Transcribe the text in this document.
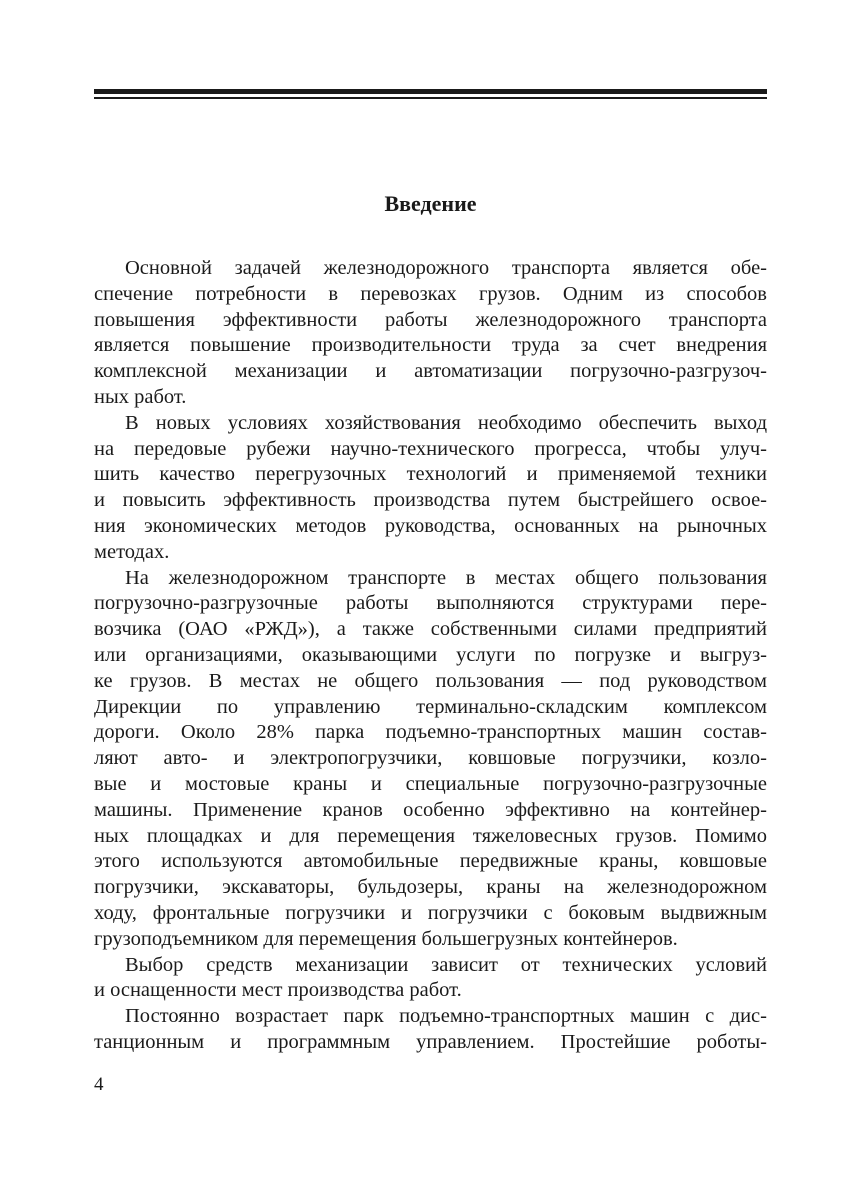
Введение
Основной задачей железнодорожного транспорта является обе-
спечение потребности в перевозках грузов. Одним из способов
повышения эффективности работы железнодорожного транспорта
является повышение производительности труда за счет внедрения
комплексной механизации и автоматизации погрузочно-разгрузоч-
ных работ.
В новых условиях хозяйствования необходимо обеспечить выход
на передовые рубежи научно-технического прогресса, чтобы улуч-
шить качество перегрузочных технологий и применяемой техники
и повысить эффективность производства путем быстрейшего освое-
ния экономических методов руководства, основанных на рыночных
методах.
На железнодорожном транспорте в местах общего пользования
погрузочно-разгрузочные работы выполняются структурами пере-
возчика (ОАО «РЖД»), а также собственными силами предприятий
или организациями, оказывающими услуги по погрузке и выгруз-
ке грузов. В местах не общего пользования — под руководством
Дирекции по управлению терминально-складским комплексом
дороги. Около 28% парка подъемно-транспортных машин состав-
ляют авто- и электропогрузчики, ковшовые погрузчики, козло-
вые и мостовые краны и специальные погрузочно-разгрузочные
машины. Применение кранов особенно эффективно на контейнер-
ных площадках и для перемещения тяжеловесных грузов. Помимо
этого используются автомобильные передвижные краны, ковшовые
погрузчики, экскаваторы, бульдозеры, краны на железнодорожном
ходу, фронтальные погрузчики и погрузчики с боковым выдвижным
грузоподъемником для перемещения большегрузных контейнеров.
Выбор средств механизации зависит от технических условий
и оснащенности мест производства работ.
Постоянно возрастает парк подъемно-транспортных машин с дис-
танционным и программным управлением. Простейшие роботы-
4
